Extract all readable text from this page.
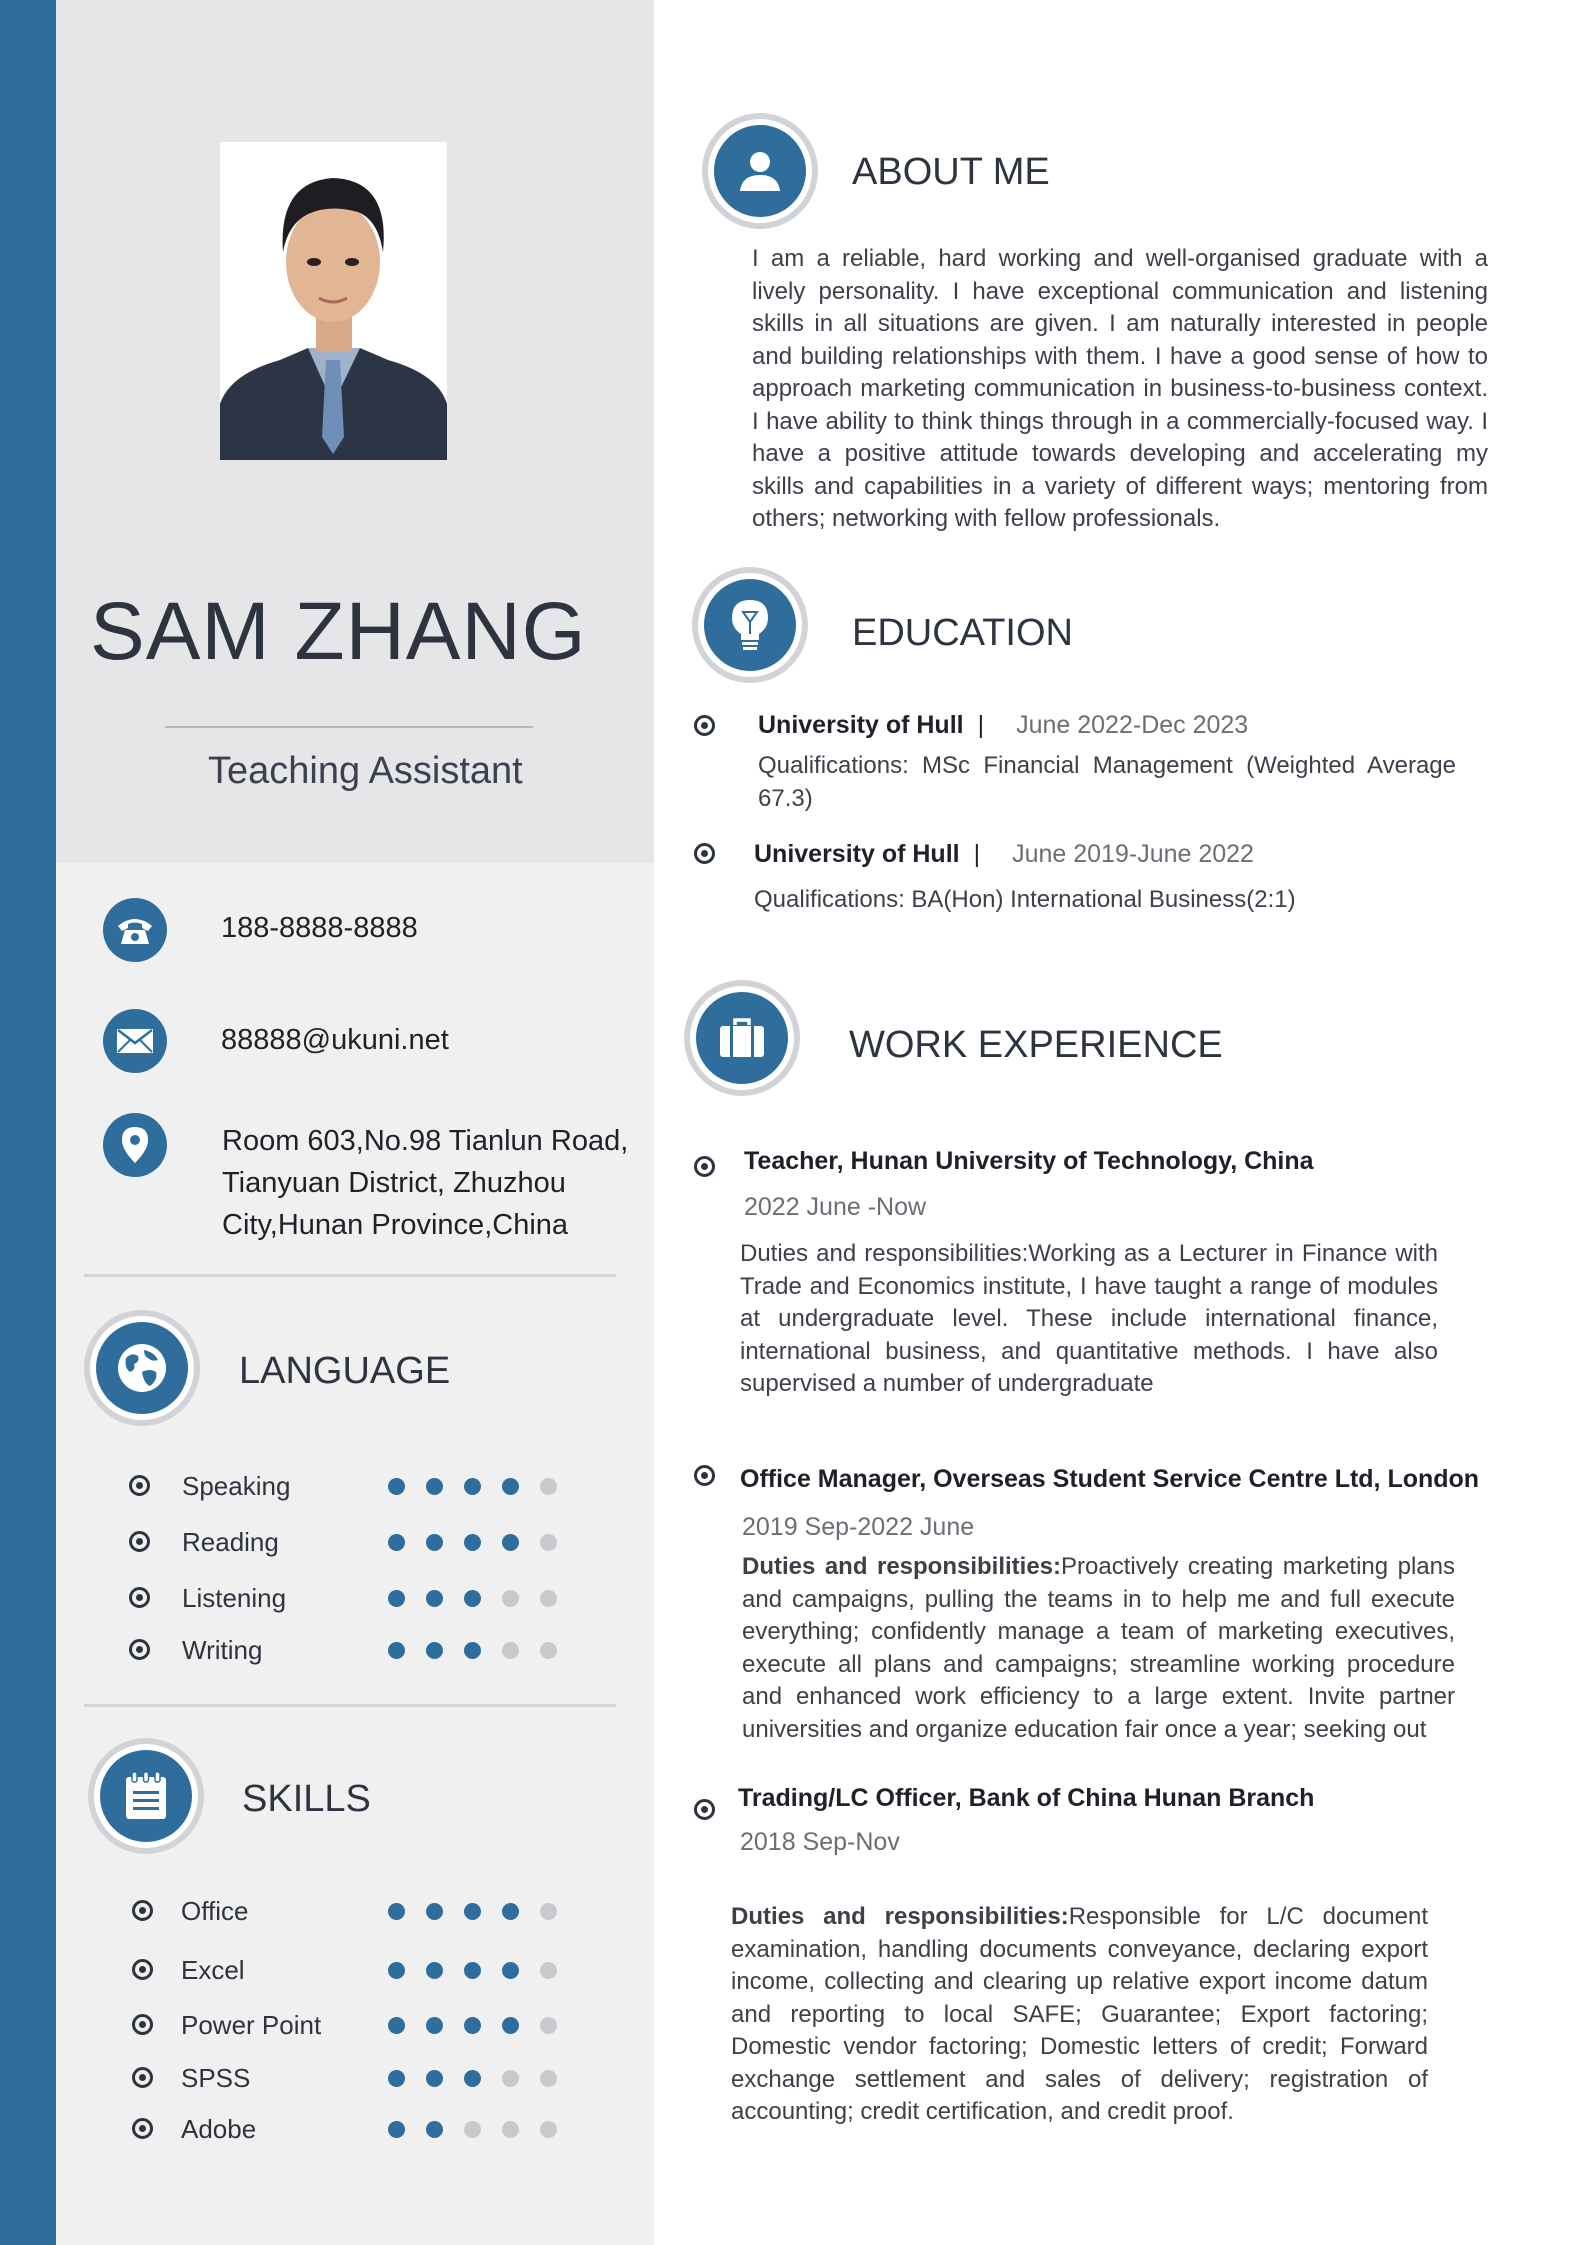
SAM ZHANG
Teaching Assistant
188-8888-8888
88888@ukuni.net
Room 603,No.98 Tianlun Road,
Tianyuan District, Zhuzhou
City,Hunan Province,China
LANGUAGE
Speaking
Reading
Listening
Writing
SKILLS
Office
Excel
Power Point
SPSS
Adobe
ABOUT ME
I am a reliable, hard working and well-organised graduate with a lively personality. I have exceptional communication and listening skills in all situations are given. I am naturally interested in people and building relationships with them. I have a good sense of how to approach marketing communication in business-to-business context. I have ability to think things through in a commercially-focused way. I have a positive attitude towards developing and accelerating my skills and capabilities in a variety of different ways; mentoring from others; networking with fellow professionals.
EDUCATION
University of Hull | June 2022-Dec 2023
Qualifications: MSc Financial Management (Weighted Average 67.3)
University of Hull | June 2019-June 2022
Qualifications: BA(Hon) International Business(2:1)
WORK EXPERIENCE
Teacher, Hunan University of Technology, China
2022 June -Now
Duties and responsibilities:Working as a Lecturer in Finance with Trade and Economics institute, I have taught a range of modules at undergraduate level. These include international finance, international business, and quantitative methods. I have also supervised a number of undergraduate
Office Manager, Overseas Student Service Centre Ltd, London
2019 Sep-2022 June
Duties and responsibilities:Proactively creating marketing plans and campaigns, pulling the teams in to help me and full execute everything; confidently manage a team of marketing executives, execute all plans and campaigns; streamline working procedure and enhanced work efficiency to a large extent. Invite partner universities and organize education fair once a year; seeking out
Trading/LC Officer, Bank of China Hunan Branch
2018 Sep-Nov
Duties and responsibilities:Responsible for L/C document examination, handling documents conveyance, declaring export income, collecting and clearing up relative export income datum and reporting to local SAFE; Guarantee; Export factoring; Domestic vendor factoring; Domestic letters of credit; Forward exchange settlement and sales of delivery; registration of accounting; credit certification, and credit proof.
